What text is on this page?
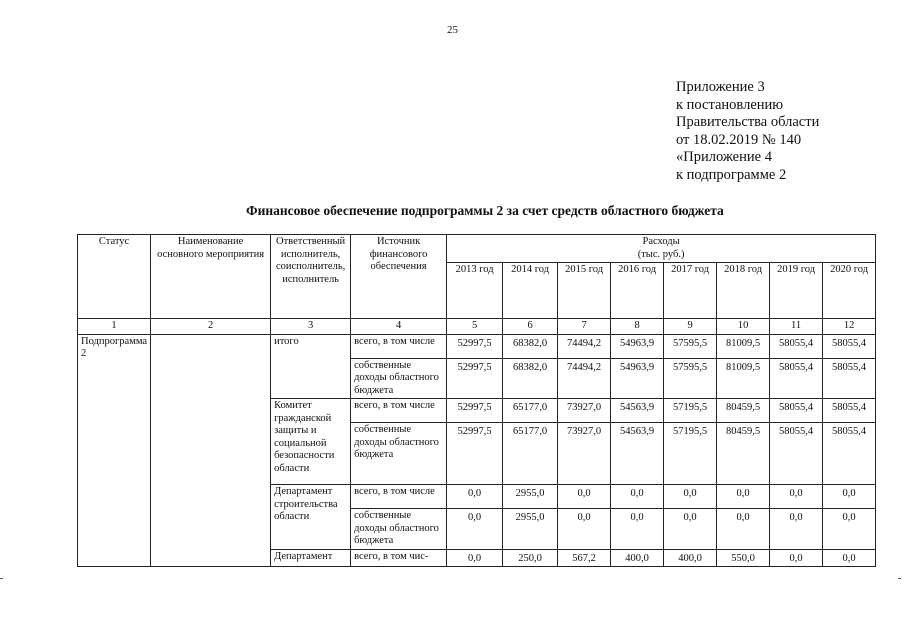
25
Приложение 3
к постановлению
Правительства области
от 18.02.2019 № 140
«Приложение 4
к подпрограмме 2
Финансовое обеспечение подпрограммы 2 за счет средств областного бюджета
Статус	Наименование основного мероприятия	Ответственный исполнитель, соисполнитель, исполнитель	Источник финансового обеспечения	Расходы
(тыс. руб.)							

				2013 год	2014 год	2015 год	2016 год	2017 год	2018 год	2019 год	2020 год
1	2	3	4	5	6	7	8	9	10	11	12
Подпрограмма 2		итого	всего, в том числе	52997,5	68382,0	74494,2	54963,9	57595,5	81009,5	58055,4	58055,4
			собственные доходы областного бюджета	52997,5	68382,0	74494,2	54963,9	57595,5	81009,5	58055,4	58055,4
		Комитет гражданской защиты и социальной безопасности области	всего, в том числе	52997,5	65177,0	73927,0	54563,9	57195,5	80459,5	58055,4	58055,4
			собственные доходы областного бюджета	52997,5	65177,0	73927,0	54563,9	57195,5	80459,5	58055,4	58055,4
		Департамент строительства области	всего, в том числе	0,0	2955,0	0,0	0,0	0,0	0,0	0,0	0,0
			собственные доходы областного бюджета	0,0	2955,0	0,0	0,0	0,0	0,0	0,0	0,0
		Департамент	всего, в том чис-	0,0	250,0	567,2	400,0	400,0	550,0	0,0	0,0
